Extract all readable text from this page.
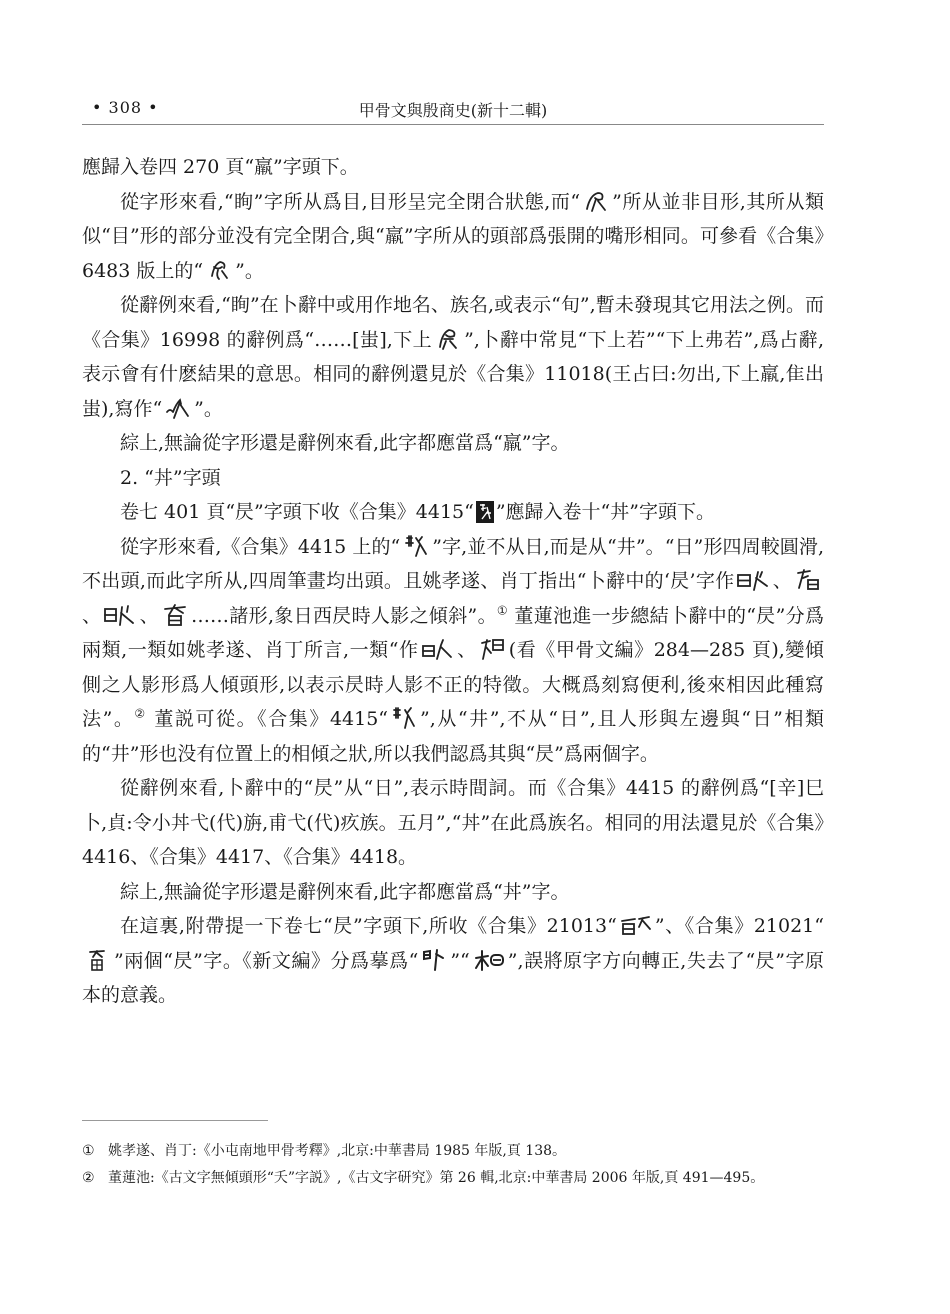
• 308 •	甲骨文與殷商史(新十二輯)

應歸入卷四 270 頁“羸”字頭下。

從字形來看,“眴”字所从爲目,目形呈完全閉合狀態,而“ ”所从並非目形,其所从類似“目”形的部分並没有完全閉合,與“羸”字所从的頭部爲張開的嘴形相同。可參看《合集》6483 版上的“ ”。

從辭例來看,“眴”在卜辭中或用作地名、族名,或表示“旬”,暫未發現其它用法之例。而《合集》16998 的辭例爲“……[蚩],下上 ”,卜辭中常見“下上若”“下上弗若”,爲占辭,表示會有什麽結果的意思。相同的辭例還見於《合集》11018(王占曰:勿出,下上羸,隹出蚩),寫作“ ”。

綜上,無論從字形還是辭例來看,此字都應當爲“羸”字。

2. “丼”字頭

卷七 401 頁“昃”字頭下收《合集》4415“ ”應歸入卷十“丼”字頭下。

從字形來看,《合集》4415 上的“ ”字,並不从日,而是从“井”。“日”形四周較圓滑,不出頭,而此字所从,四周筆畫均出頭。且姚孝遂、肖丁指出“卜辭中的‘昃’字作 、
、 、 ……諸形,象日西昃時人影之傾斜”。① 董蓮池進一步總結卜辭中的“昃”分爲兩類,一類如姚孝遂、肖丁所言,一類“作 、 (看《甲骨文編》284—285 頁),變傾側之人影形爲人傾頭形,以表示昃時人影不正的特徵。大概爲刻寫便利,後來相因此種寫法”。② 董説可從。《合集》4415“ ”,从“井”,不从“日”,且人形與左邊與“日”相類的“井”形也没有位置上的相傾之狀,所以我們認爲其與“昃”爲兩個字。

從辭例來看,卜辭中的“昃”从“日”,表示時間詞。而《合集》4415 的辭例爲“[辛]巳卜,貞:令小丼弋(代)旃,甫弋(代)疚族。五月”,“丼”在此爲族名。相同的用法還見於《合集》4416、《合集》4417、《合集》4418。

綜上,無論從字形還是辭例來看,此字都應當爲“丼”字。

在這裏,附帶提一下卷七“昃”字頭下,所收《合集》21013“ ”、《合集》21021“
”兩個“昃”字。《新文編》分爲摹爲“ ”“ ”,誤將原字方向轉正,失去了“昃”字原本的意義。

① 姚孝遂、肖丁:《小屯南地甲骨考釋》,北京:中華書局 1985 年版,頁 138。
② 董蓮池:《古文字無傾頭形“夭”字説》,《古文字研究》第 26 輯,北京:中華書局 2006 年版,頁 491—495。
